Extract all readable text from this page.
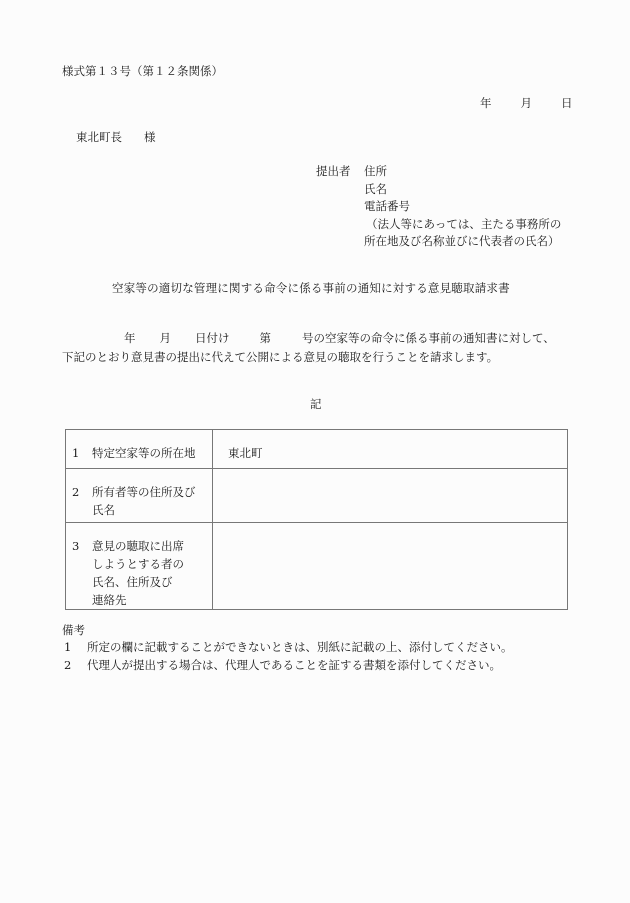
様式第１３号（第１２条関係）
年	月	日
東北町長 様
提出者 住所
氏名
電話番号
（法人等にあっては、主たる事務所の
所在地及び名称並びに代表者の氏名）
空家等の適切な管理に関する命令に係る事前の通知に対する意見聴取請求書
年 月 日付け	第	号の空家等の命令に係る事前の通知書に対して、
下記のとおり意見書の提出に代えて公開による意見の聴取を行うことを請求します。
記
1 特定空家等の所在地	東北町

2 所有者等の住所及び
氏名	

3 意見の聴取に出席
しようとする者の
氏名、住所及び
連絡先	

備考
1 所定の欄に記載することができないときは、別紙に記載の上、添付してください。
2 代理人が提出する場合は、代理人であることを証する書類を添付してください。
